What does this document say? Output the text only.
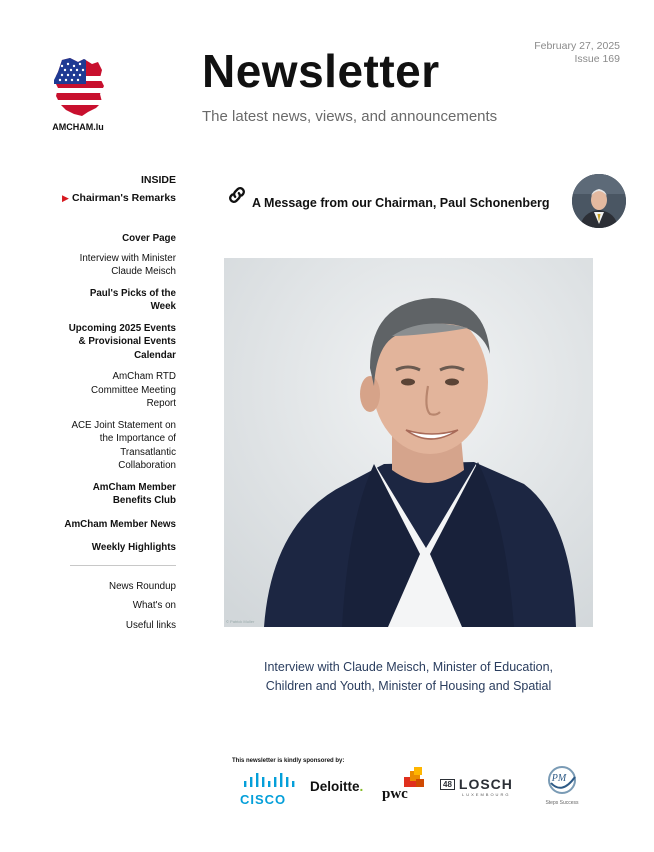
AMCHAM.lu
Newsletter
The latest news, views, and announcements
February 27, 2025
Issue 169
INSIDE
▶ Chairman's Remarks
Cover Page
Interview with Minister
Claude Meisch
Paul's Picks of the
Week
Upcoming 2025 Events
& Provisional Events
Calendar
AmCham RTD
Committee Meeting
Report
ACE Joint Statement on
the Importance of
Transatlantic
Collaboration
AmCham Member
Benefits Club
AmCham Member News
Weekly Highlights
News Roundup
What's on
Useful links
A Message from our Chairman, Paul Schonenberg
© Patrick Muller
Interview with Claude Meisch, Minister of Education,
Children and Youth, Minister of Housing and Spatial
This newsletter is kindly sponsored by:
CISCO
Deloitte. pwc
48 LOSCH
LUXEMBOURG
PM
Steps Success
